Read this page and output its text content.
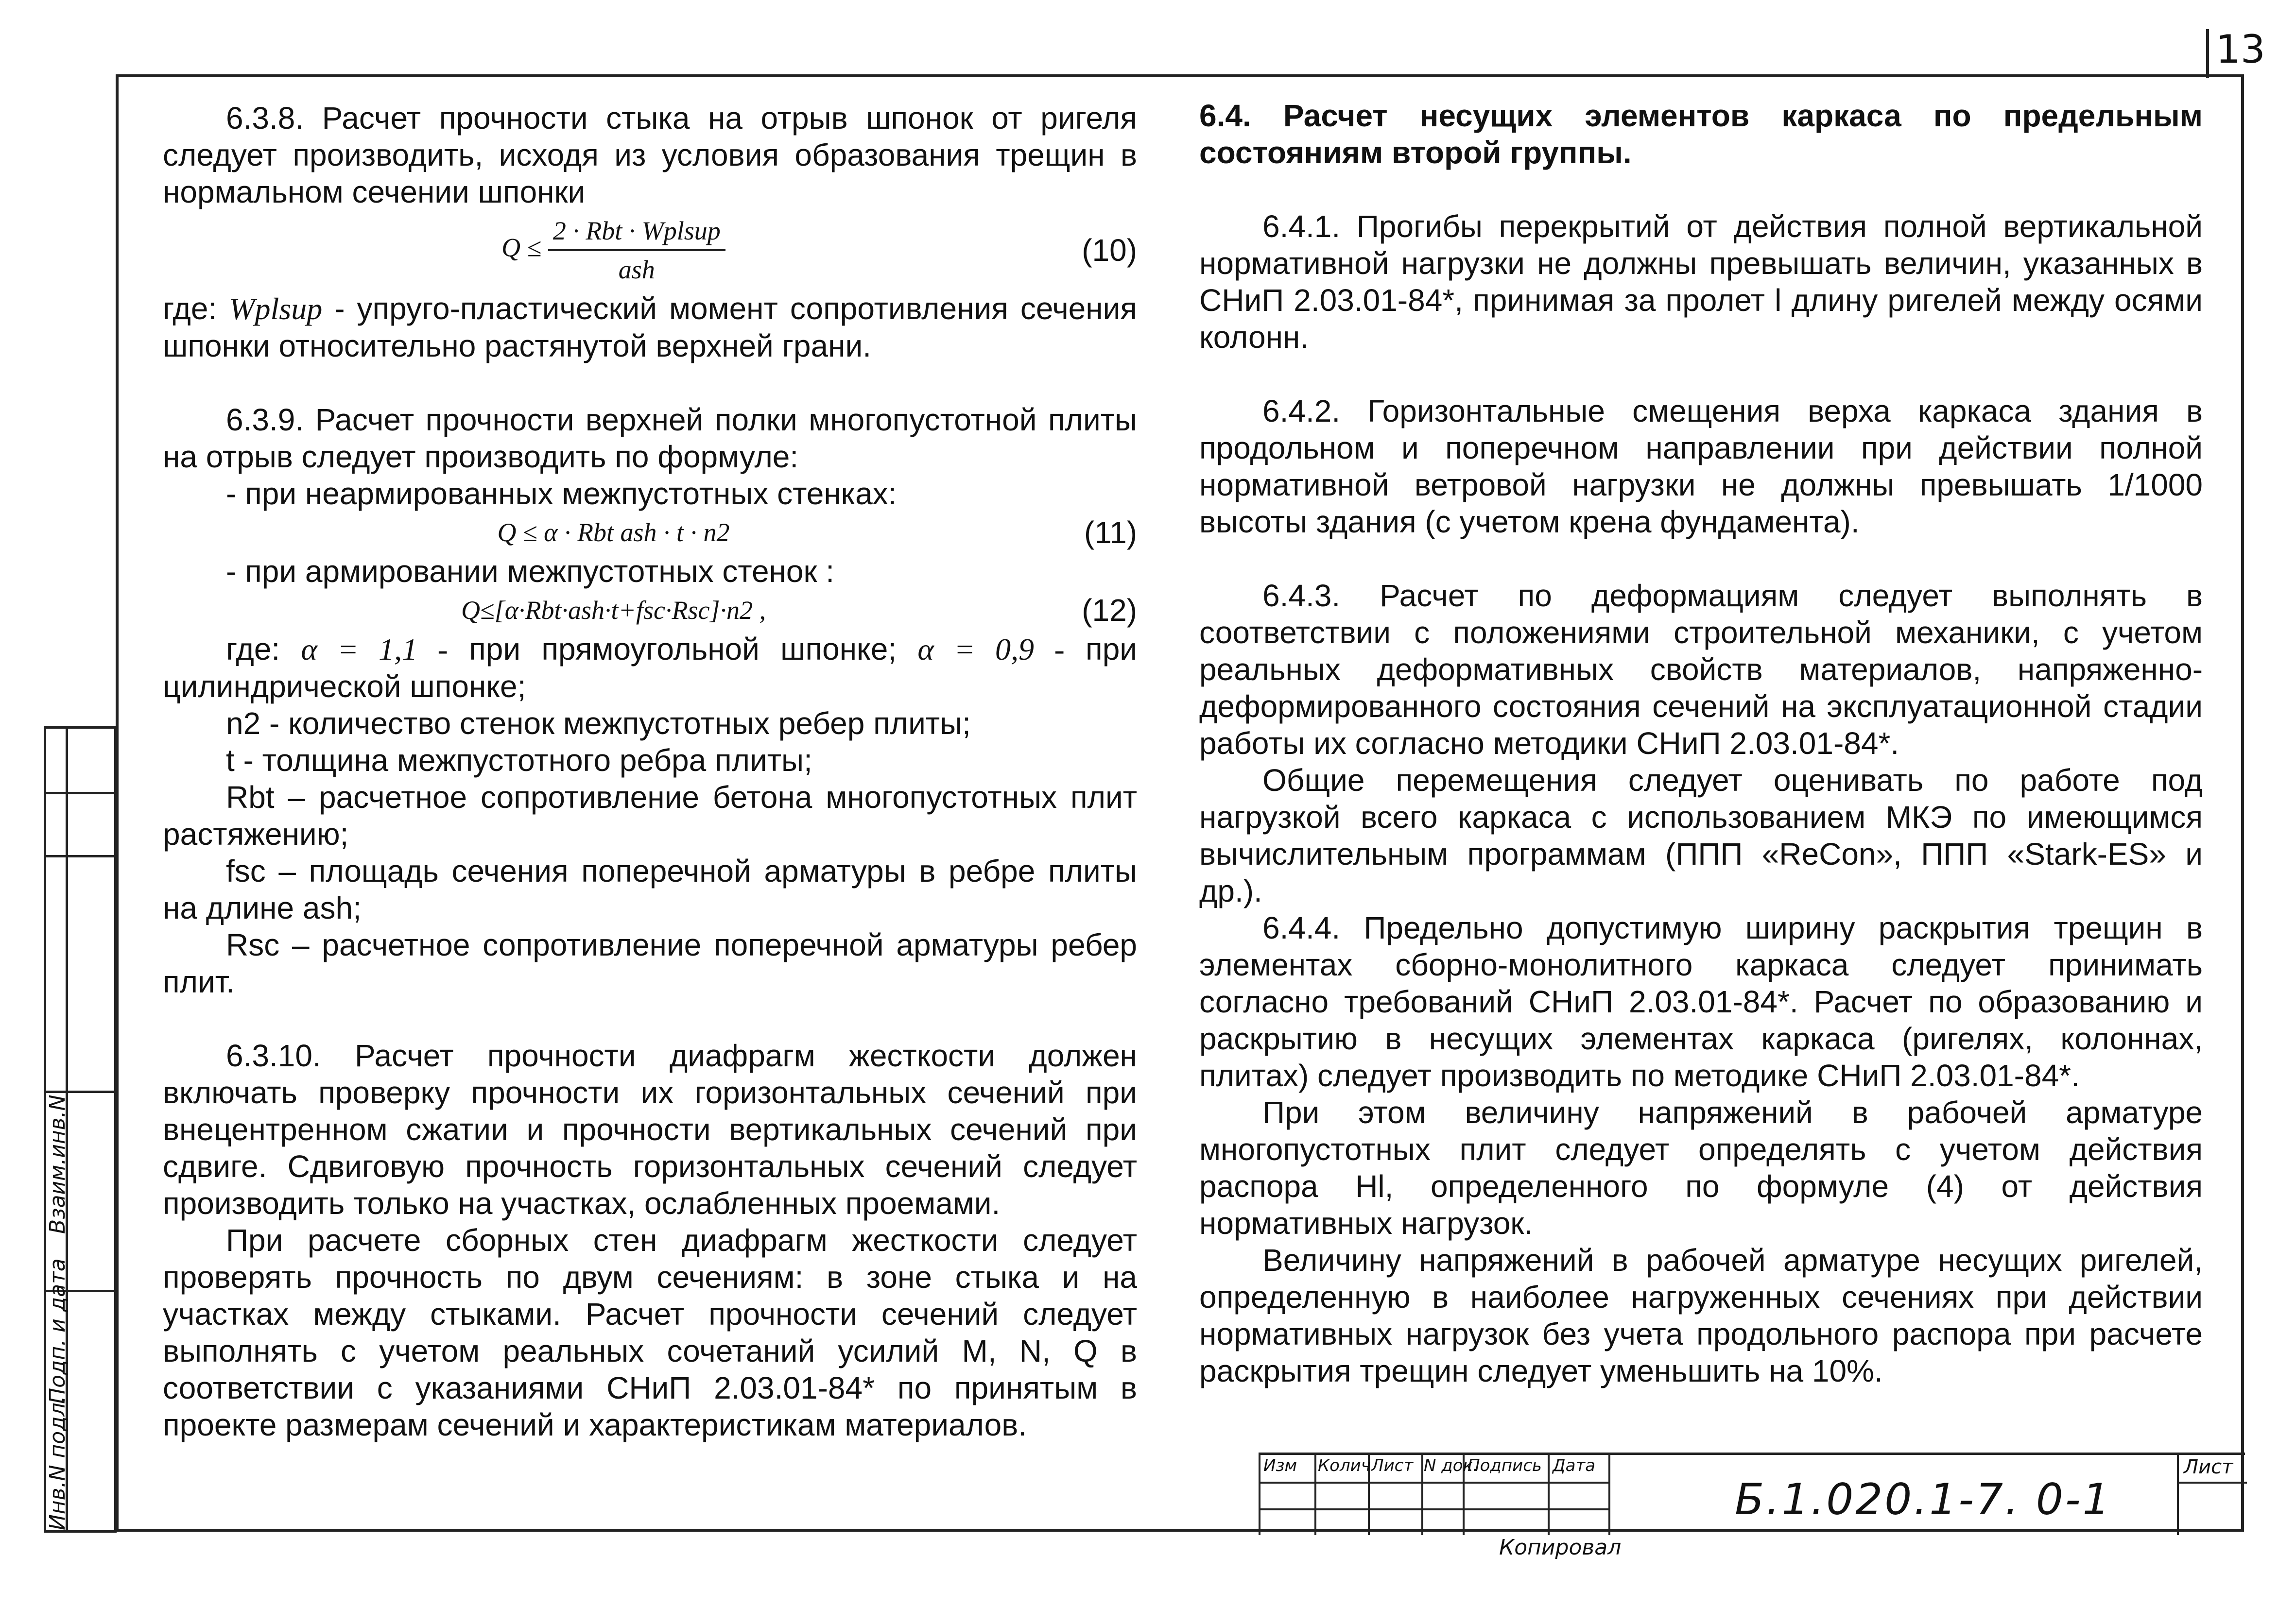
13

6.3.8. Расчет прочности стыка на отрыв шпонок от ригеля следует производить, исходя из условия образования трещин в нормальном сечении шпонки

$Q \le \frac{\text{2 · Rbt · Wplsup}}{\text{ash}}$	(10)

где: Wplsup - упруго-пластический момент сопротивления сечения шпонки относительно растянутой верхней грани.

6.3.9. Расчет прочности верхней полки многопустотной плиты на отрыв следует производить по формуле:

- при неармированных межпустотных стенках:

Q ≤ α · Rbt ash · t · n2	(11)

- при армировании межпустотных стенок :

Q≤[α·Rbt·ash·t+fsc·Rsc]·n2 ,	(12)

где: α = 1,1 - при прямоугольной шпонке; α = 0,9 - при цилиндрической шпонке;

n2 - количество стенок межпустотных ребер плиты;

t - толщина межпустотного ребра плиты;

Rbt – расчетное сопротивление бетона многопустотных плит растяжению;

fsc – площадь сечения поперечной арматуры в ребре плиты на длине ash;

Rsc – расчетное сопротивление поперечной арматуры ребер плит.

6.3.10. Расчет прочности диафрагм жесткости должен включать проверку прочности их горизонтальных сечений при внецентренном сжатии и прочности вертикальных сечений при сдвиге. Сдвиговую прочность горизонтальных сечений следует производить только на участках, ослабленных проемами.

При расчете сборных стен диафрагм жесткости следует проверять прочность по двум сечениям: в зоне стыка и на участках между стыками. Расчет прочности сечений следует выполнять с учетом реальных сочетаний усилий M, N, Q в соответствии с указаниями СНиП 2.03.01-84* по принятым в проекте размерам сечений и характеристикам материалов.

6.4. Расчет несущих элементов каркаса по предельным состояниям второй группы.

6.4.1. Прогибы перекрытий от действия полной вертикальной нормативной нагрузки не должны превышать величин, указанных в СНиП 2.03.01-84*, принимая за пролет l длину ригелей между осями колонн.

6.4.2. Горизонтальные смещения верха каркаса здания в продольном и поперечном направлении при действии полной нормативной ветровой нагрузки не должны превышать 1/1000 высоты здания (с учетом крена фундамента).

6.4.3. Расчет по деформациям следует выполнять в соответствии с положениями строительной механики, с учетом реальных деформативных свойств материалов, напряженно-деформированного состояния сечений на эксплуатационной стадии работы их согласно методики СНиП 2.03.01-84*.

Общие перемещения следует оценивать по работе под нагрузкой всего каркаса с использованием МКЭ по имеющимся вычислительным программам (ППП «ReCon», ППП «Stark-ES» и др.).

6.4.4. Предельно допустимую ширину раскрытия трещин в элементах сборно-монолитного каркаса следует принимать согласно требований СНиП 2.03.01-84*. Расчет по образованию и раскрытию в несущих элементах каркаса (ригелях, колоннах, плитах) следует производить по методике СНиП 2.03.01-84*.

При этом величину напряжений в рабочей арматуре многопустотных плит следует определять с учетом действия распора Hl, определенного по формуле (4) от действия нормативных нагрузок.

Величину напряжений в рабочей арматуре несущих ригелей, определенную в наиболее нагруженных сечениях при действии нормативных нагрузок без учета продольного распора при расчете раскрытия трещин следует уменьшить на 10%.

Взаим.инв.N
Подп. и дата
Инв.N подл.	Изм Колич Лист N док.
Подпись Дата
Б.1.020.1-7. 0-1
Лист
Копировал
